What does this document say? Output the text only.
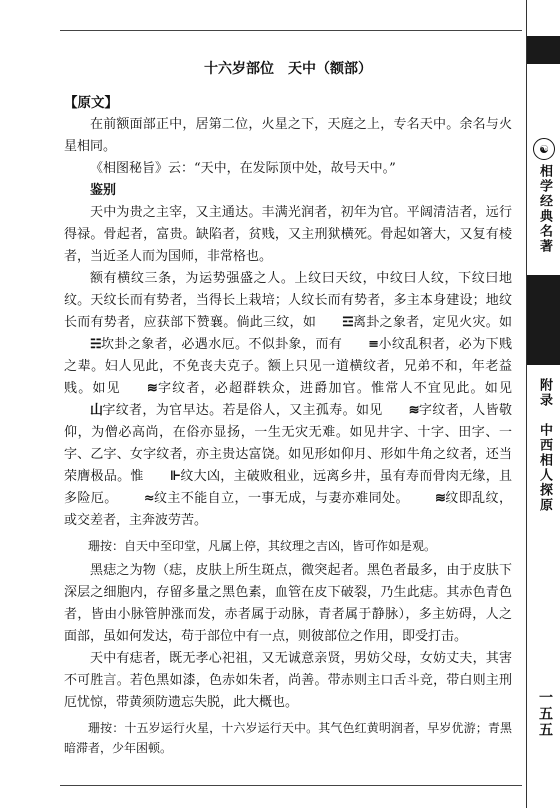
十六岁部位　天中（额部）

【原文】

在前额面部正中，居第二位，火星之下，天庭之上，专名天中。余名与火星相同。

《相图秘旨》云：“天中，在发际顶中处，故号天中。”

鉴别

天中为贵之主宰，又主通达。丰满光润者，初年为官。平阔清洁者，远行得禄。骨起者，富贵。缺陷者，贫贱，又主刑狱横死。骨起如箸大，又复有棱者，当近圣人而为国师，非常格也。

额有横纹三条，为运势强盛之人。上纹曰天纹，中纹曰人纹，下纹曰地纹。天纹长而有势者，当得长上栽培；人纹长而有势者，多主本身建设；地纹长而有势者，应获部下赞襄。倘此三纹，如 ☲离卦之象者，定见火灾。如☵坎卦之象者，必遇水厄。不似卦象，而有 ≡小纹乱积者，必为下贱之辈。妇人见此，不免丧夫克子。额上只见一道横纹者，兄弟不和，年老益贱。如见 ≋字纹者，必超群轶众，进爵加官。惟常人不宜见此。如见山字纹者，为官早达。若是俗人，又主孤寿。如见 ≋字纹者，人皆敬仰，为僧必高尚，在俗亦显扬，一生无灾无难。如见井字、十字、田字、一字、乙字、女字纹者，亦主贵达富饶。如见形如仰月、形如牛角之纹者，还当荣膺极品。惟 ⊩纹大凶，主破败租业，远离乡井，虽有寿而骨肉无缘，且多险厄。 ≈纹主不能自立，一事无成，与妻亦难同处。 ≋纹即乱纹，或交差者，主奔波劳苦。

珊按：自天中至印堂，凡属上停，其纹理之吉凶，皆可作如是观。

黑痣之为物（痣，皮肤上所生斑点，微突起者。黑色者最多，由于皮肤下深层之细胞内，存留多量之黑色素，血管在皮下破裂，乃生此痣。其赤色青色者，皆由小脉管肿涨而发，赤者属于动脉，青者属于静脉），多主妨碍，人之面部，虽如何发达，苟于部位中有一点，则彼部位之作用，即受打击。

天中有痣者，既无孝心祀祖，又无诚意亲贤，男妨父母，女妨丈夫，其害不可胜言。若色黑如漆，色赤如朱者，尚善。带赤则主口舌斗竞，带白则主刑厄忧惊，带黄须防遗忘失脱，此大概也。

珊按：十五岁运行火星，十六岁运行天中。其气色红黄明润者，早岁优游；青黑暗滞者，少年困顿。

☯
相学经典名著
附录　中西相人探原
一五五
